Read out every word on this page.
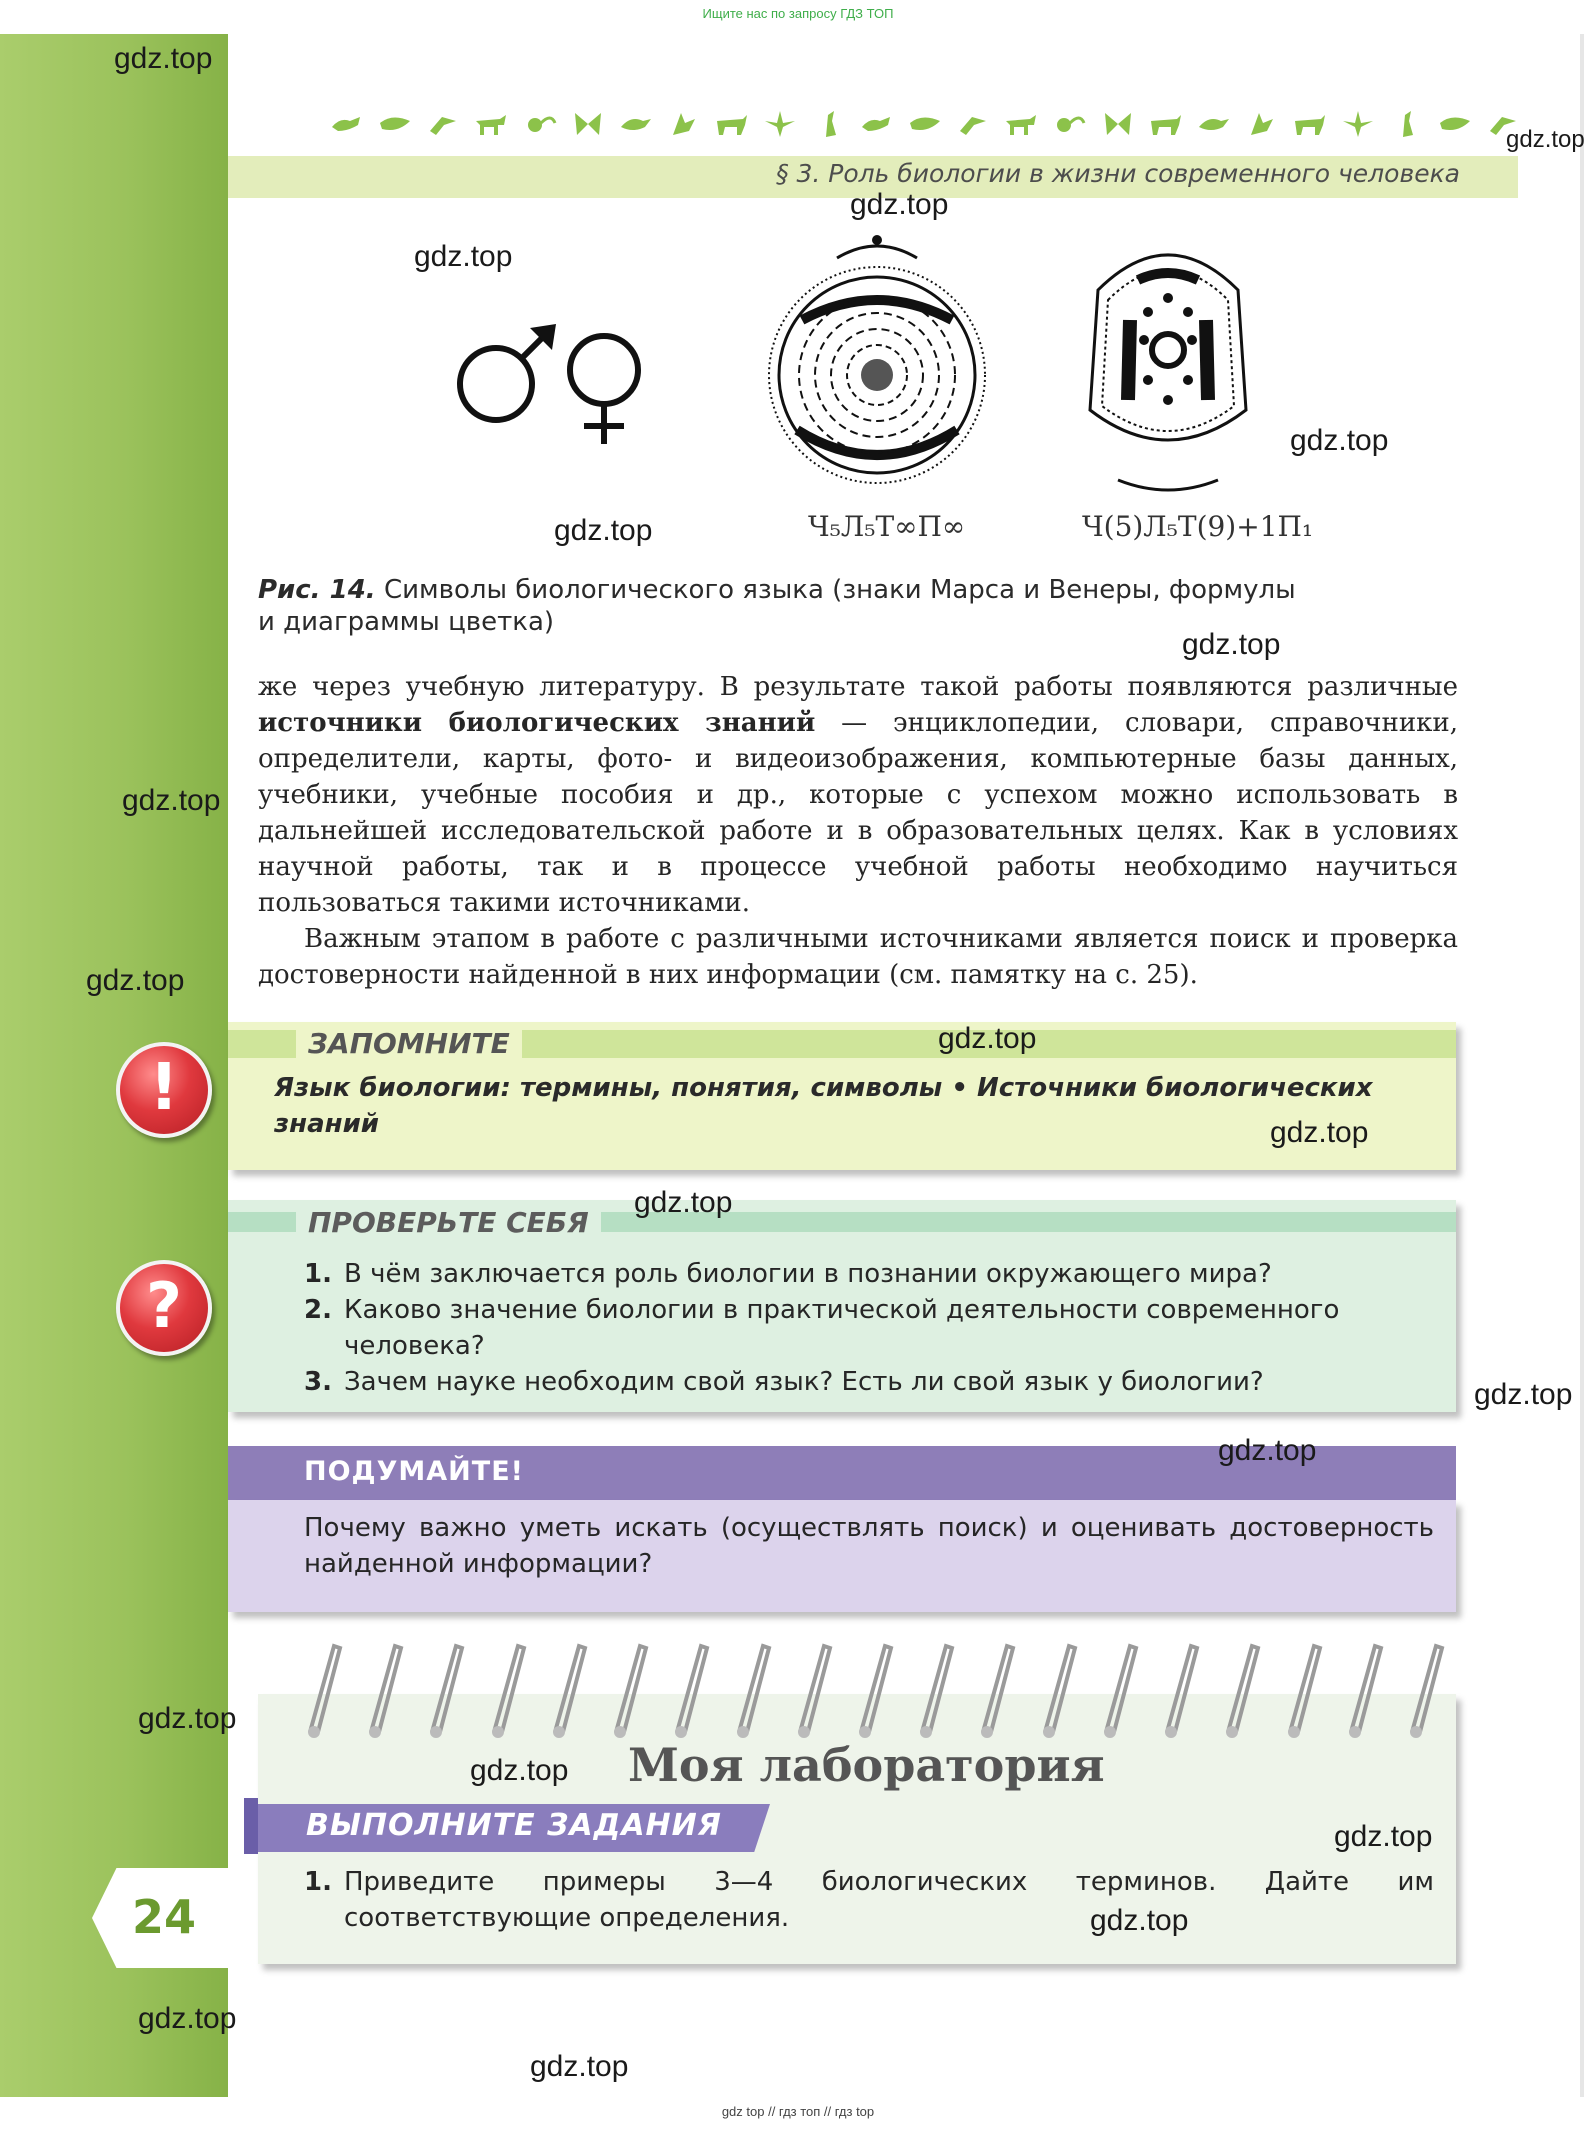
Ищите нас по запросу ГДЗ ТОП
§ 3. Роль биологии в жизни современного человека
Ч₅Л₅Т∞П∞	Ч(5)Л₅Т(9)+1П₁
Рис. 14. Символы биологического языка (знаки Марса и Венеры, формулы и диаграммы цветка)

же через учебную литературу. В результате такой работы появляются различные источники биологических знаний — энциклопедии, словари, справочники, определители, карты, фото- и видеоизображения, компьютерные базы данных, учебники, учебные пособия и др., которые с успехом можно использовать в дальнейшей исследовательской работе и в образовательных целях. Как в условиях научной работы, так и в процессе учебной работы необходимо научиться пользоваться такими источниками.

Важным этапом в работе с различными источниками является поиск и проверка достоверности найденной в них информации (см. памятку на с. 25).

ЗАПОМНИТЕ
Язык биологии: термины, понятия, символы • Источники биологических знаний
!
ПРОВЕРЬТЕ СЕБЯ
1. В чём заключается роль биологии в познании окружающего мира?
2. Каково значение биологии в практической деятельности современного человека?
3. Зачем науке необходим свой язык? Есть ли свой язык у биологии?
?
ПОДУМАЙТЕ!
Почему важно уметь искать (осуществлять поиск) и оценивать достоверность найденной информации?
Моя лаборатория
ВЫПОЛНИТЕ ЗАДАНИЯ
1. Приведите примеры 3—4 биологических терминов. Дайте им соответствующие определения.
24
gdz.top
gdz.top
gdz.top
gdz.top
gdz.top
gdz.top
gdz.top
gdz.top
gdz.top
gdz.top
gdz.top
gdz.top
gdz.top
gdz.top
gdz.top
gdz.top
gdz.top
gdz.top
gdz.top
gdz.top
gdz top // гдз топ // гдз top
